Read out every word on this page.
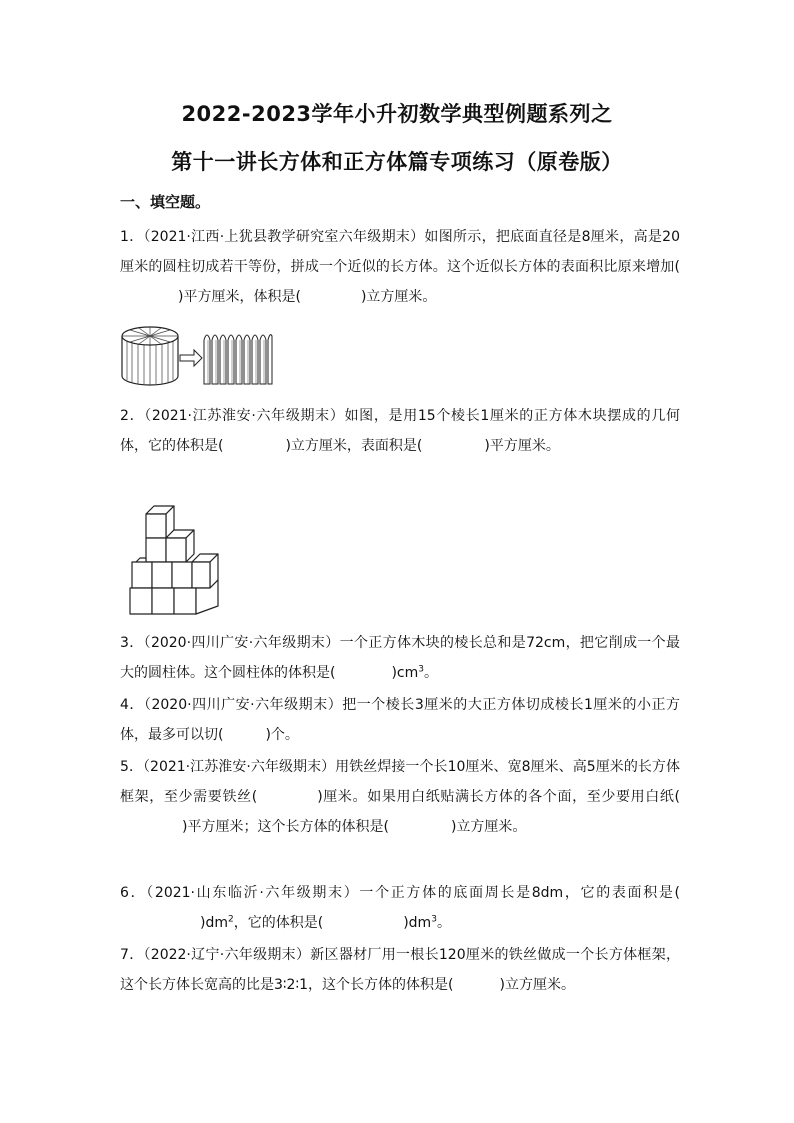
2022-2023学年小升初数学典型例题系列之
第十一讲长方体和正方体篇专项练习（原卷版）
一、填空题。
1．（2021·江西·上犹县教学研究室六年级期末）如图所示，把底面直径是8厘米，高是20厘米的圆柱切成若干等份，拼成一个近似的长方体。这个近似长方体的表面积比原来增加()平方厘米，体积是(	)立方厘米。
2．（2021·江苏淮安·六年级期末）如图，是用15个棱长1厘米的正方体木块摆成的几何体，它的体积是(	)立方厘米，表面积是(	)平方厘米。
3．（2020·四川广安·六年级期末）一个正方体木块的棱长总和是72cm，把它削成一个最大的圆柱体。这个圆柱体的体积是(	)$cm^3$。
4．（2020·四川广安·六年级期末）把一个棱长3厘米的大正方体切成棱长1厘米的小正方体，最多可以切(	)个。
5．（2021·江苏淮安·六年级期末）用铁丝焊接一个长10厘米、宽8厘米、高5厘米的长方体框架，至少需要铁丝(	)厘米。如果用白纸贴满长方体的各个面，至少要用白纸()平方厘米；这个长方体的体积是(	)立方厘米。
6．（2021·山东临沂·六年级期末）一个正方体的底面周长是8dm，它的表面积是$()dm^2$，它的体积是(	)$dm^3$。
7．（2022·辽宁·六年级期末）新区器材厂用一根长120厘米的铁丝做成一个长方体框架，这个长方体长宽高的比是3∶2∶1，这个长方体的体积是(	)立方厘米。
